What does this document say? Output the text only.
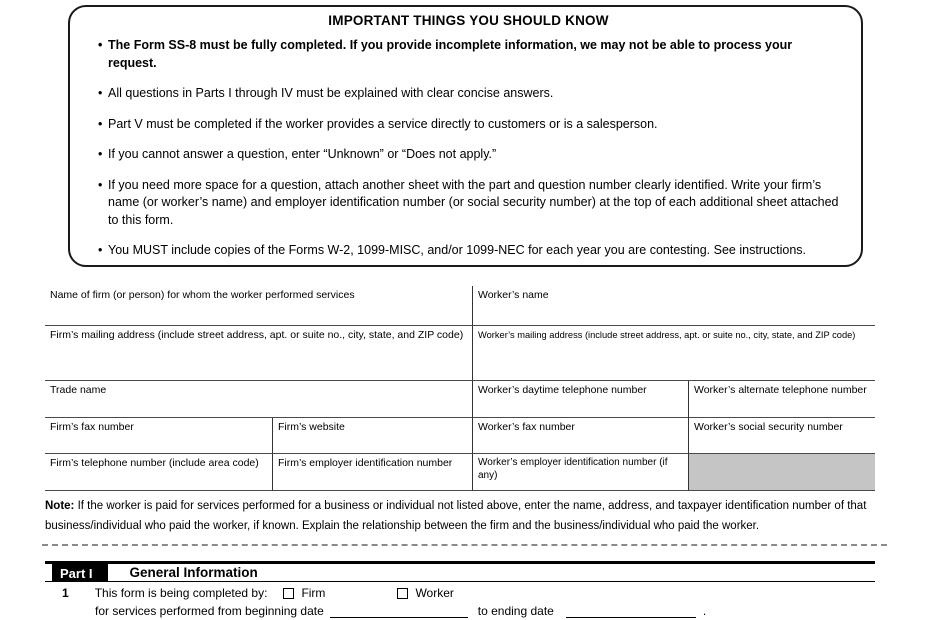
IMPORTANT THINGS YOU SHOULD KNOW
•
The Form SS-8 must be fully completed. If you provide incomplete information, we may not be able to process your request.
•
All questions in Parts I through IV must be explained with clear concise answers.
•
Part V must be completed if the worker provides a service directly to customers or is a salesperson.
•
If you cannot answer a question, enter “Unknown” or “Does not apply.”
•
If you need more space for a question, attach another sheet with the part and question number clearly identified. Write your firm’s name (or worker’s name) and employer identification number (or social security number) at the top of each additional sheet attached to this form.
•
You MUST include copies of the Forms W-2, 1099-MISC, and/or 1099-NEC for each year you are contesting. See instructions.
Name of firm (or person) for whom the worker performed services	Worker’s name
Firm’s mailing address (include street address, apt. or suite no., city, state, and ZIP code)	Worker’s mailing address (include street address, apt. or suite no., city, state, and ZIP code)
Trade name	Worker’s daytime telephone number	Worker’s alternate telephone number
Firm’s fax number	Firm’s website	Worker’s fax number	Worker’s social security number
Firm’s telephone number (include area code)	Firm’s employer identification number	Worker’s employer identification number (if any)
Note: If the worker is paid for services performed for a business or individual not listed above, enter the name, address, and taxpayer identification number of that business/individual who paid the worker, if known. Explain the relationship between the firm and the business/individual who paid the worker.
Part I	General Information
1 This form is being completed by:	Firm	Worker
for services performed from beginning date	to ending date	.
